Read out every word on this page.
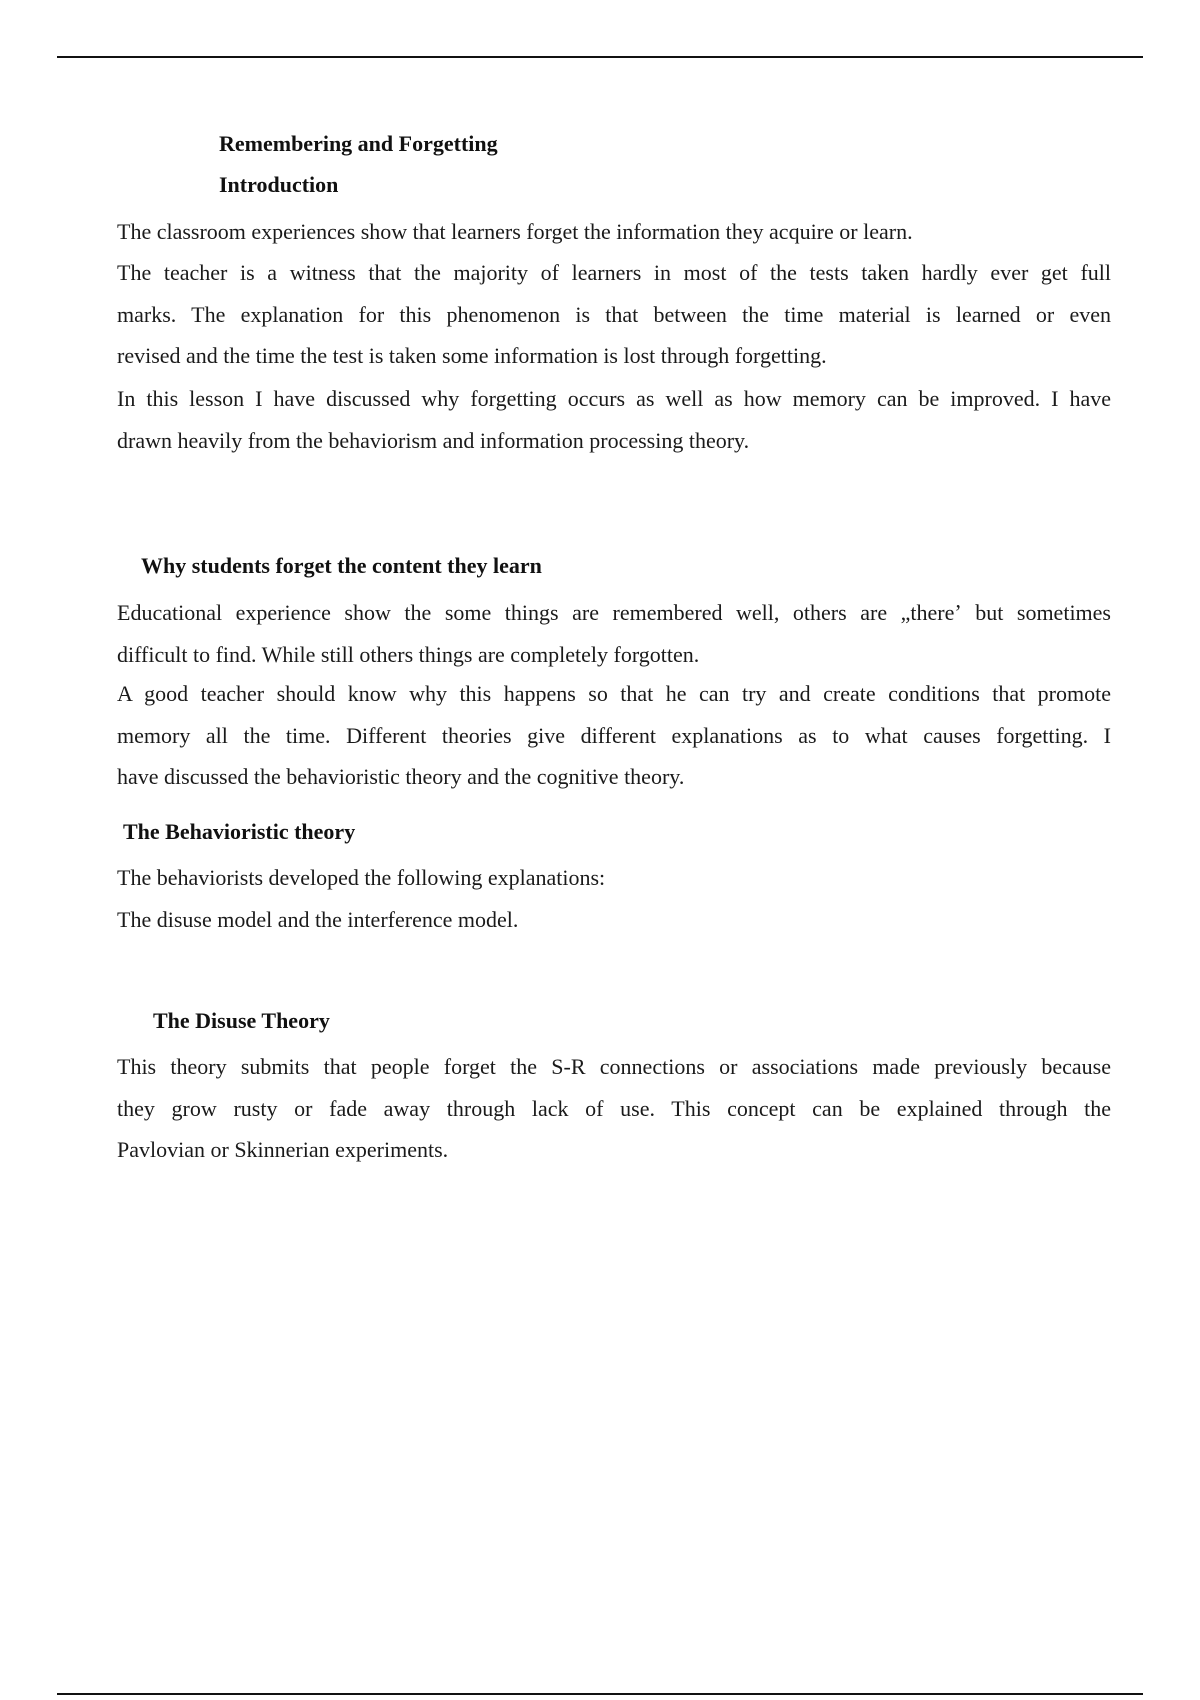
Remembering and Forgetting
Introduction
The classroom experiences show that learners forget the information they acquire or learn.
The teacher is a witness that the majority of learners in most of the tests taken hardly ever get full
marks. The explanation for this phenomenon is that between the time material is learned or even
revised and the time the test is taken some information is lost through forgetting.
In this lesson I have discussed why forgetting occurs as well as how memory can be improved. I have
drawn heavily from the behaviorism and information processing theory.
Why students forget the content they learn
Educational experience show the some things are remembered well, others are „thereʼ but sometimes
difficult to find. While still others things are completely forgotten.
A good teacher should know why this happens so that he can try and create conditions that promote
memory all the time. Different theories give different explanations as to what causes forgetting. I
have discussed the behavioristic theory and the cognitive theory.
The Behavioristic theory
The behaviorists developed the following explanations:
The disuse model and the interference model.
The Disuse Theory
This theory submits that people forget the S-R connections or associations made previously because
they grow rusty or fade away through lack of use. This concept can be explained through the
Pavlovian or Skinnerian experiments.
